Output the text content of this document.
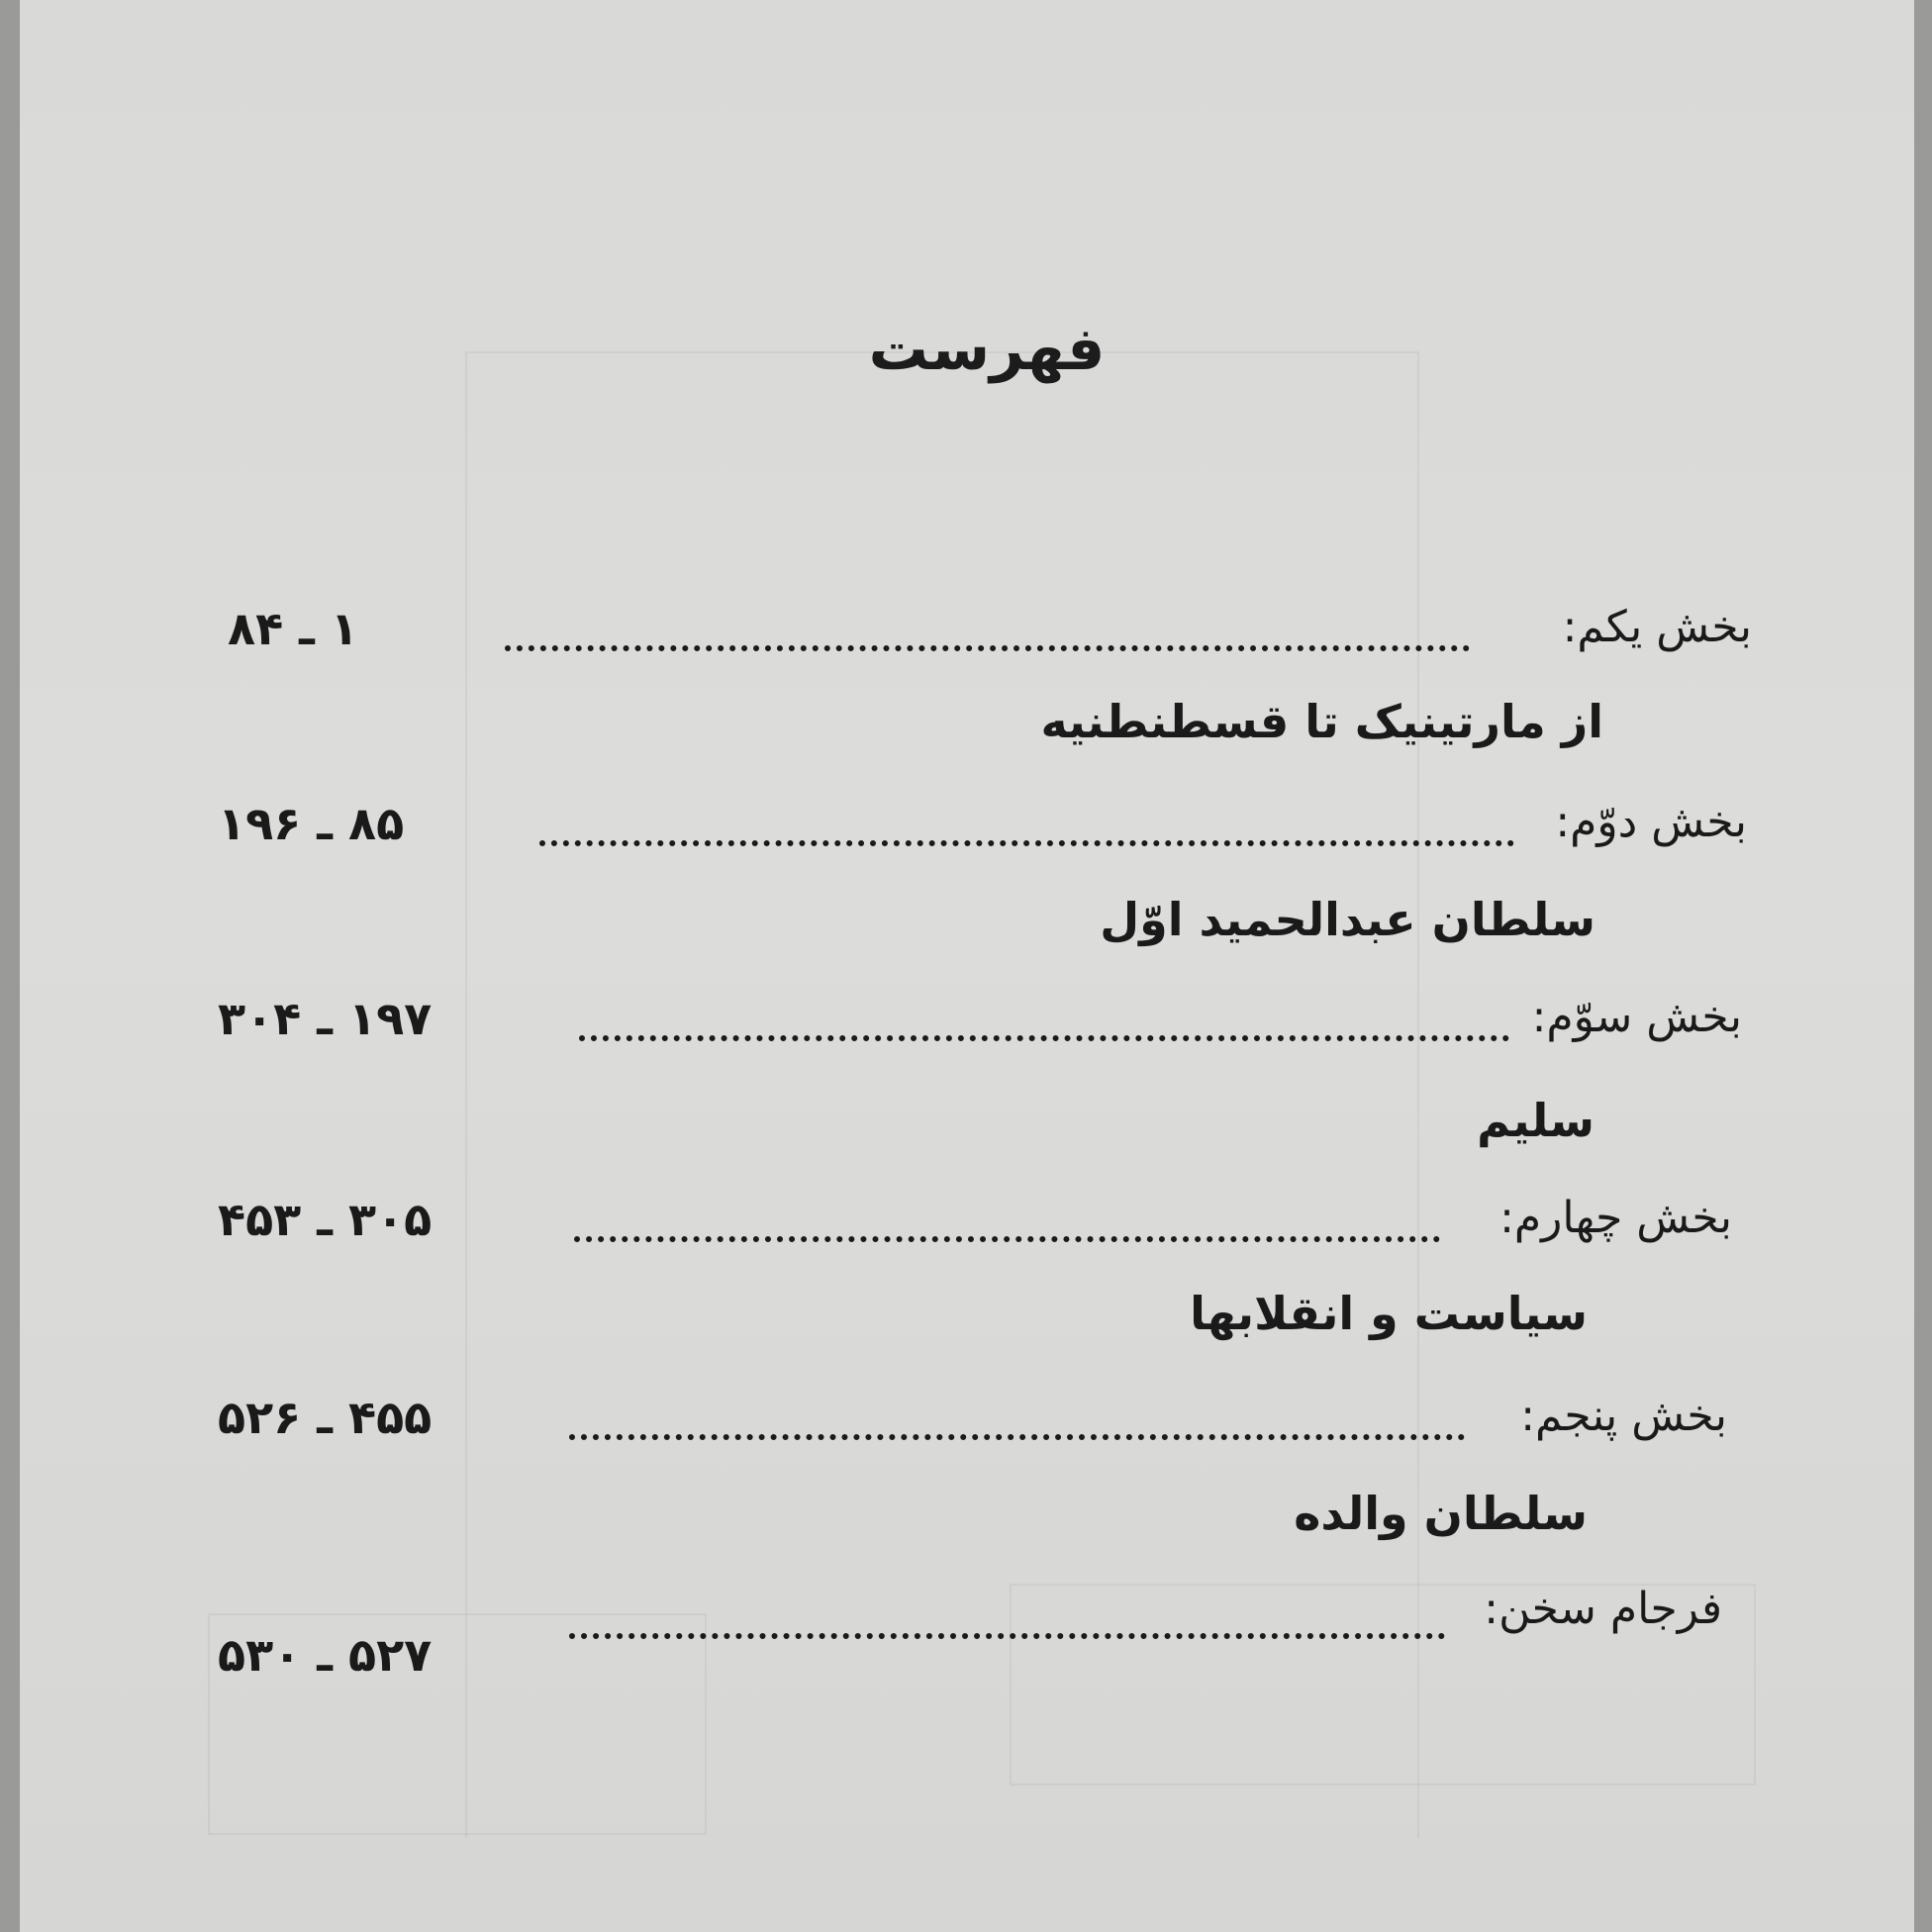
فهرست
بخش یکم:
۱ ـ ۸۴
از مارتینیک تا قسطنطنیه
بخش دوّم:
۸۵ ـ ۱۹۶
سلطان عبدالحمید اوّل
بخش سوّم:
۱۹۷ ـ ۳۰۴
سلیم
بخش چهارم:
۳۰۵ ـ ۴۵۳
سیاست و انقلابها
بخش پنجم:
۴۵۵ ـ ۵۲۶
سلطان والده
فرجام سخن:
۵۲۷ ـ ۵۳۰
